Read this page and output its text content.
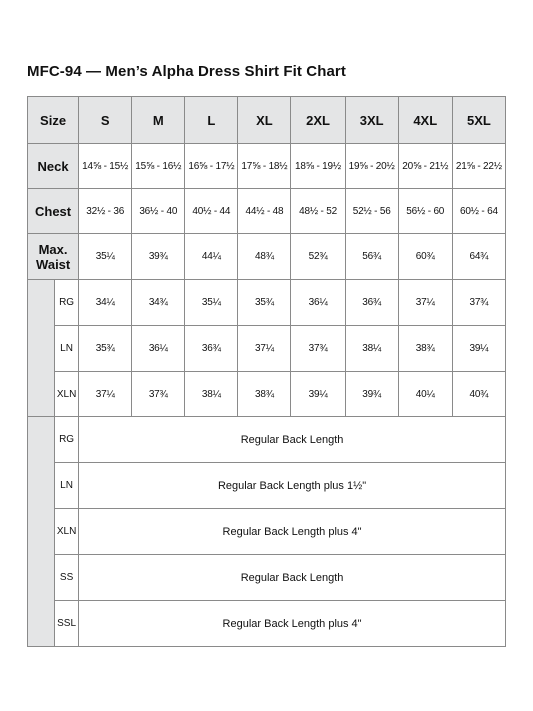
MFC-94 — Men’s Alpha Dress Shirt Fit Chart
Size		S	M	L	XL	2XL	3XL	4XL	5XL
Neck		14⅝ - 15½	15⅝ - 16½	16⅝ - 17½	17⅝ - 18½	18⅝ - 19½	19⅝ - 20½	20⅝ - 21½	21⅝ - 22½
Chest		32½ - 36	36½ - 40	40½ - 44	44½ - 48	48½ - 52	52½ - 56	56½ - 60	60½ - 64

Max. Waist		35¼	39¾	44¼	48¾	52¾	56¾	60¾	64¾
	RG	34¼	34¾	35¼	35¾	36¼	36¾	37¼	37¾
	LN	35¾	36¼	36¾	37¼	37¾	38¼	38¾	39¼
	XLN	37¼	37¾	38¼	38¾	39¼	39¾	40¼	40¾
	RG	Regular Back Length							
	LN	Regular Back Length plus 1½"							
	XLN	Regular Back Length plus 4"							
	SS	Regular Back Length							
	SSL	Regular Back Length plus 4"							
